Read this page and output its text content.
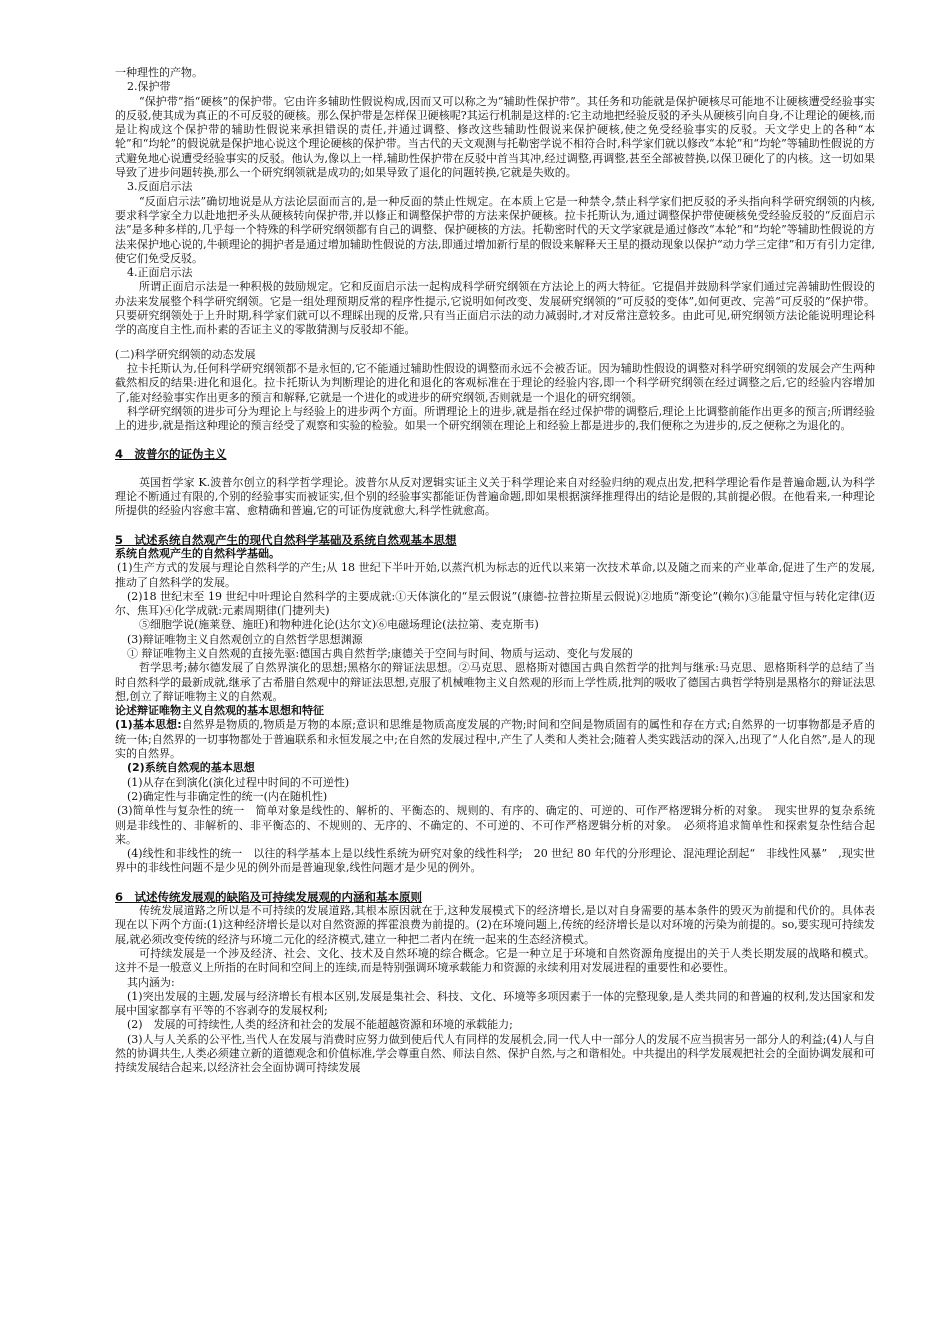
一种理性的产物。

2.保护带

“保护带”指“硬核”的保护带。它由许多辅助性假说构成,因而又可以称之为“辅助性保护带”。其任务和功能就是保护硬核尽可能地不让硬核遭受经验事实的反驳,使其成为真正的不可反驳的硬核。那么保护带是怎样保卫硬核呢?其运行机制是这样的:它主动地把经验反驳的矛头从硬核引向自身,不让理论的硬核,而是让构成这个保护带的辅助性假说来承担错误的责任,并通过调整、修改这些辅助性假说来保护硬核,使之免受经验事实的反驳。天文学史上的各种“本轮”和“均轮”的假说就是保护地心说这个理论硬核的保护带。当古代的天文观测与托勒密学说不相符合时,科学家们就以修改“本轮”和“均轮”等辅助性假说的方式避免地心说遭受经验事实的反驳。他认为,像以上一样,辅助性保护带在反驳中首当其冲,经过调整,再调整,甚至全部被替换,以保卫硬化了的内核。这一切如果导致了进步问题转换,那么一个研究纲领就是成功的;如果导致了退化的问题转换,它就是失败的。

3.反面启示法

“反面启示法”确切地说是从方法论层面而言的,是一种反面的禁止性规定。在本质上它是一种禁令,禁止科学家们把反驳的矛头指向科学研究纲领的内核,要求科学家全力以赴地把矛头从硬核转向保护带,并以修正和调整保护带的方法来保护硬核。拉卡托斯认为,通过调整保护带使硬核免受经验反驳的“反面启示法”是多种多样的,几乎每一个特殊的科学研究纲领都有自己的调整、保护硬核的方法。托勒密时代的天文学家就是通过修改“本轮”和“均轮”等辅助性假说的方法来保护地心说的,牛顿理论的拥护者是通过增加辅助性假说的方法,即通过增加新行星的假设来解释天王星的摄动现象以保护“动力学三定律”和万有引力定律,使它们免受反驳。

4.正面启示法

所谓正面启示法是一种积极的鼓励规定。它和反面启示法一起构成科学研究纲领在方法论上的两大特征。它提倡并鼓励科学家们通过完善辅助性假设的办法来发展整个科学研究纲领。它是一组处理预期反常的程序性提示,它说明如何改变、发展研究纲领的“可反驳的变体”,如何更改、完善“可反驳的”保护带。只要研究纲领处于上升时期,科学家们就可以不理睬出现的反常,只有当正面启示法的动力减弱时,才对反常注意较多。由此可见,研究纲领方法论能说明理论科学的高度自主性,而朴素的否证主义的零散猜测与反驳却不能。

(二)科学研究纲领的动态发展

拉卡托斯认为,任何科学研究纲领都不是永恒的,它不能通过辅助性假设的调整而永远不会被否证。因为辅助性假设的调整对科学研究纲领的发展会产生两种截然相反的结果:进化和退化。拉卡托斯认为判断理论的进化和退化的客观标准在于理论的经验内容,即一个科学研究纲领在经过调整之后,它的经验内容增加了,能对经验事实作出更多的预言和解释,它就是一个进化的或进步的研究纲领,否则就是一个退化的研究纲领。

科学研究纲领的进步可分为理论上与经验上的进步两个方面。所谓理论上的进步,就是指在经过保护带的调整后,理论上比调整前能作出更多的预言;所谓经验上的进步,就是指这种理论的预言经受了观察和实验的检验。如果一个研究纲领在理论上和经验上都是进步的,我们便称之为进步的,反之便称之为退化的。

4　波普尔的证伪主义

英国哲学家 K.波普尔创立的科学哲学理论。波普尔从反对逻辑实证主义关于科学理论来自对经验归纳的观点出发,把科学理论看作是普遍命题,认为科学理论不断通过有限的,个别的经验事实而被证实,但个别的经验事实都能证伪普遍命题,即如果根据演绎推理得出的结论是假的,其前提必假。在他看来,一种理论所提供的经验内容愈丰富、愈精确和普遍,它的可证伪度就愈大,科学性就愈高。

5　试述系统自然观产生的现代自然科学基础及系统自然观基本思想

系统自然观产生的自然科学基础。

(1)生产方式的发展与理论自然科学的产生;从 18 世纪下半叶开始,以蒸汽机为标志的近代以来第一次技术革命,以及随之而来的产业革命,促进了生产的发展,推动了自然科学的发展。

(2)18 世纪末至 19 世纪中叶理论自然科学的主要成就:①天体演化的“星云假说”(康德-拉普拉斯星云假说)②地质“渐变论”(赖尔)③能量守恒与转化定律(迈尔、焦耳)④化学成就:元素周期律(门捷列夫)

⑤细胞学说(施莱登、施旺)和物种进化论(达尔文)⑥电磁场理论(法拉第、麦克斯韦)

(3)辩证唯物主义自然观创立的自然哲学思想渊源

① 辩证唯物主义自然观的直接先驱:德国古典自然哲学;康德关于空间与时间、物质与运动、变化与发展的

哲学思考;赫尔德发展了自然界演化的思想;黑格尔的辩证法思想。②马克思、恩格斯对德国古典自然哲学的批判与继承:马克思、恩格斯科学的总结了当时自然科学的最新成就,继承了古希腊自然观中的辩证法思想,克服了机械唯物主义自然观的形而上学性质,批判的吸收了德国古典哲学特别是黑格尔的辩证法思想,创立了辩证唯物主义的自然观。

论述辩证唯物主义自然观的基本思想和特征

(1)基本思想:自然界是物质的,物质是万物的本原;意识和思维是物质高度发展的产物;时间和空间是物质固有的属性和存在方式;自然界的一切事物都是矛盾的统一体;自然界的一切事物都处于普遍联系和永恒发展之中;在自然的发展过程中,产生了人类和人类社会;随着人类实践活动的深入,出现了“人化自然”,是人的现实的自然界。

(2)系统自然观的基本思想

(1)从存在到演化(演化过程中时间的不可逆性)

(2)确定性与非确定性的统一(内在随机性)

(3)简单性与复杂性的统一　简单对象是线性的、解析的、平衡态的、规则的、有序的、确定的、可逆的、可作严格逻辑分析的对象。　现实世界的复杂系统则是非线性的、非解析的、非平衡态的、不规则的、无序的、不确定的、不可逆的、不可作严格逻辑分析的对象。　必须将追求简单性和探索复杂性结合起来。

(4)线性和非线性的统一　以往的科学基本上是以线性系统为研究对象的线性科学;　20 世纪 80 年代的分形理论、混沌理论刮起“　非线性风暴”　,现实世界中的非线性问题不是少见的例外而是普遍现象,线性问题才是少见的例外。

6　试述传统发展观的缺陷及可持续发展观的内涵和基本原则

传统发展道路之所以是不可持续的发展道路,其根本原因就在于,这种发展模式下的经济增长,是以对自身需要的基本条件的毁灭为前提和代价的。具体表现在以下两个方面:(1)这种经济增长是以对自然资源的挥霍浪费为前提的。(2)在环境问题上,传统的经济增长是以对环境的污染为前提的。so,要实现可持续发展,就必须改变传统的经济与环境二元化的经济模式,建立一种把二者内在统一起来的生态经济模式。

可持续发展是一个涉及经济、社会、文化、技术及自然环境的综合概念。它是一种立足于环境和自然资源角度提出的关于人类长期发展的战略和模式。这并不是一般意义上所指的在时间和空间上的连续,而是特别强调环境承载能力和资源的永续利用对发展进程的重要性和必要性。

其内涵为:

(1)突出发展的主题,发展与经济增长有根本区别,发展是集社会、科技、文化、环境等多项因素于一体的完整现象,是人类共同的和普遍的权利,发达国家和发展中国家都享有平等的不容剥夺的发展权利;

(2)　发展的可持续性,人类的经济和社会的发展不能超越资源和环境的承载能力;

(3)人与人关系的公平性,当代人在发展与消费时应努力做到使后代人有同样的发展机会,同一代人中一部分人的发展不应当损害另一部分人的利益;(4)人与自然的协调共生,人类必须建立新的道德观念和价值标准,学会尊重自然、师法自然、保护自然,与之和谐相处。中共提出的科学发展观把社会的全面协调发展和可持续发展结合起来,以经济社会全面协调可持续发展
